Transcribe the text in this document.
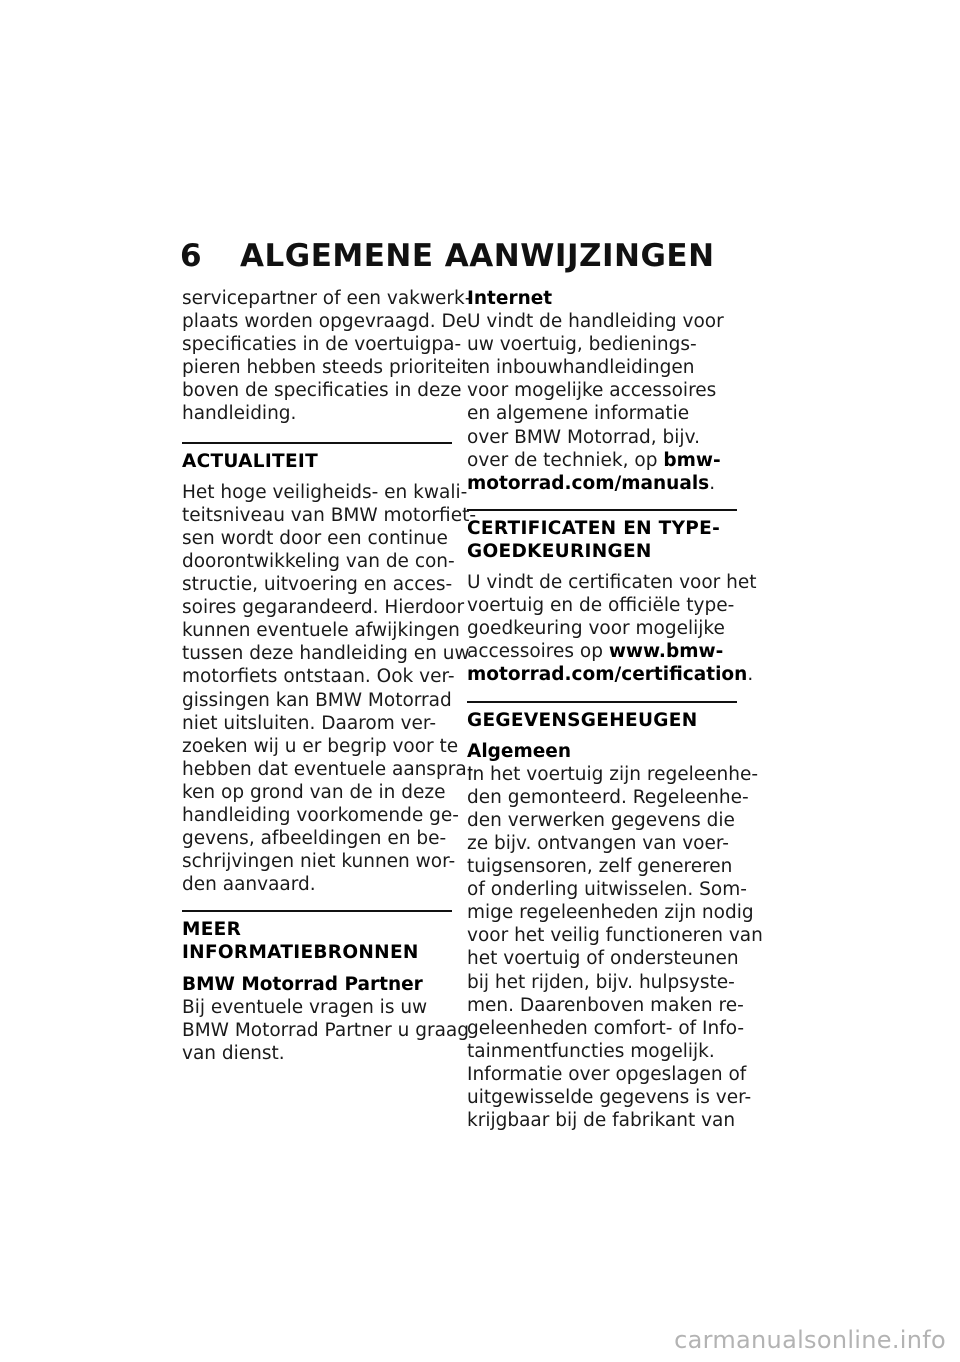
6 ALGEMENE AANWIJZINGEN
servicepartner of een vakwerk-
plaats worden opgevraagd. De
specificaties in de voertuigpa-
pieren hebben steeds prioriteit
boven de specificaties in deze
handleiding.
ACTUALITEIT
Het hoge veiligheids- en kwali-
teitsniveau van BMW motorfiet-
sen wordt door een continue
doorontwikkeling van de con-
structie, uitvoering en acces-
soires gegarandeerd. Hierdoor
kunnen eventuele afwijkingen
tussen deze handleiding en uw
motorfiets ontstaan. Ook ver-
gissingen kan BMW Motorrad
niet uitsluiten. Daarom ver-
zoeken wij u er begrip voor te
hebben dat eventuele aanspra-
ken op grond van de in deze
handleiding voorkomende ge-
gevens, afbeeldingen en be-
schrijvingen niet kunnen wor-
den aanvaard.
MEER
INFORMATIEBRONNEN
BMW Motorrad Partner
Bij eventuele vragen is uw
BMW Motorrad Partner u graag
van dienst.
Internet
U vindt de handleiding voor
uw voertuig, bedienings-
en inbouwhandleidingen
voor mogelijke accessoires
en algemene informatie
over BMW Motorrad, bijv.
over de techniek, op bmw-
motorrad.com/manuals.
CERTIFICATEN EN TYPE-
GOEDKEURINGEN
U vindt de certificaten voor het
voertuig en de officiële type-
goedkeuring voor mogelijke
accessoires op www.bmw-
motorrad.com/certification.
GEGEVENSGEHEUGEN
Algemeen
In het voertuig zijn regeleenhe-
den gemonteerd. Regeleenhe-
den verwerken gegevens die
ze bijv. ontvangen van voer-
tuigsensoren, zelf genereren
of onderling uitwisselen. Som-
mige regeleenheden zijn nodig
voor het veilig functioneren van
het voertuig of ondersteunen
bij het rijden, bijv. hulpsyste-
men. Daarenboven maken re-
geleenheden comfort- of Info-
tainmentfuncties mogelijk.
Informatie over opgeslagen of
uitgewisselde gegevens is ver-
krijgbaar bij de fabrikant van
carmanualsonline.info
